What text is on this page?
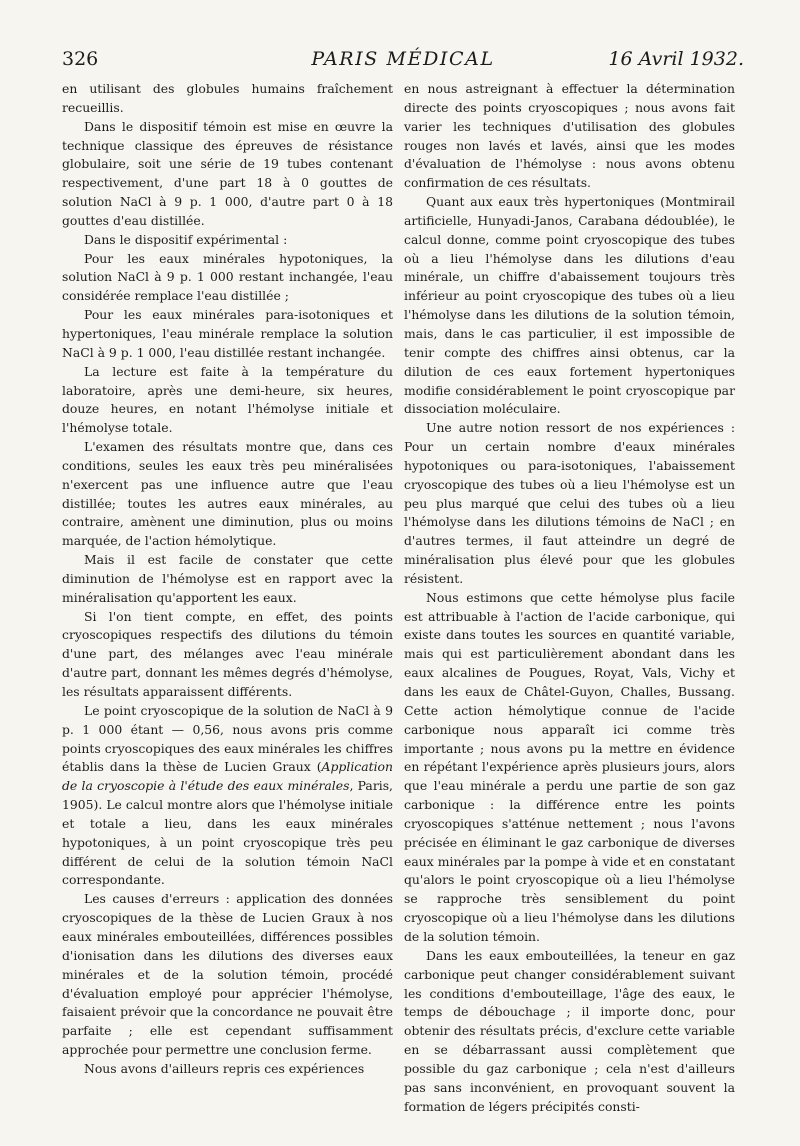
326	PARIS MÉDICAL	16 Avril 1932.

en utilisant des globules humains fraîchement recueillis.

Dans le dispositif témoin est mise en œuvre la technique classique des épreuves de résistance globulaire, soit une série de 19 tubes contenant respectivement, d'une part 18 à 0 gouttes de solution NaCl à 9 p. 1 000, d'autre part 0 à 18 gouttes d'eau distillée.

Dans le dispositif expérimental :

Pour les eaux minérales hypotoniques, la solution NaCl à 9 p. 1 000 restant inchangée, l'eau considérée remplace l'eau distillée ;

Pour les eaux minérales para-isotoniques et hypertoniques, l'eau minérale remplace la solution NaCl à 9 p. 1 000, l'eau distillée restant inchangée.

La lecture est faite à la température du laboratoire, après une demi-heure, six heures, douze heures, en notant l'hémolyse initiale et l'hémolyse totale.

L'examen des résultats montre que, dans ces conditions, seules les eaux très peu minéralisées n'exercent pas une influence autre que l'eau distillée; toutes les autres eaux minérales, au contraire, amènent une diminution, plus ou moins marquée, de l'action hémolytique.

Mais il est facile de constater que cette diminution de l'hémolyse est en rapport avec la minéralisation qu'apportent les eaux.

Si l'on tient compte, en effet, des points cryoscopiques respectifs des dilutions du témoin d'une part, des mélanges avec l'eau minérale d'autre part, donnant les mêmes degrés d'hémolyse, les résultats apparaissent différents.

Le point cryoscopique de la solution de NaCl à 9 p. 1 000 étant — 0,56, nous avons pris comme points cryoscopiques des eaux minérales les chiffres établis dans la thèse de Lucien Graux (Application de la cryoscopie à l'étude des eaux minérales, Paris, 1905). Le calcul montre alors que l'hémolyse initiale et totale a lieu, dans les eaux minérales hypotoniques, à un point cryoscopique très peu différent de celui de la solution témoin NaCl correspondante.

Les causes d'erreurs : application des données cryoscopiques de la thèse de Lucien Graux à nos eaux minérales embouteillées, différences possibles d'ionisation dans les dilutions des diverses eaux minérales et de la solution témoin, procédé d'évaluation employé pour apprécier l'hémolyse, faisaient prévoir que la concordance ne pouvait être parfaite ; elle est cependant suffisamment approchée pour permettre une conclusion ferme.

Nous avons d'ailleurs repris ces expériences

en nous astreignant à effectuer la détermination directe des points cryoscopiques ; nous avons fait varier les techniques d'utilisation des globules rouges non lavés et lavés, ainsi que les modes d'évaluation de l'hémolyse : nous avons obtenu confirmation de ces résultats.

Quant aux eaux très hypertoniques (Montmirail artificielle, Hunyadi-Janos, Carabana dédoublée), le calcul donne, comme point cryoscopique des tubes où a lieu l'hémolyse dans les dilutions d'eau minérale, un chiffre d'abaissement toujours très inférieur au point cryoscopique des tubes où a lieu l'hémolyse dans les dilutions de la solution témoin, mais, dans le cas particulier, il est impossible de tenir compte des chiffres ainsi obtenus, car la dilution de ces eaux fortement hypertoniques modifie considérablement le point cryoscopique par dissociation moléculaire.

Une autre notion ressort de nos expériences : Pour un certain nombre d'eaux minérales hypotoniques ou para-isotoniques, l'abaissement cryoscopique des tubes où a lieu l'hémolyse est un peu plus marqué que celui des tubes où a lieu l'hémolyse dans les dilutions témoins de NaCl ; en d'autres termes, il faut atteindre un degré de minéralisation plus élevé pour que les globules résistent.

Nous estimons que cette hémolyse plus facile est attribuable à l'action de l'acide carbonique, qui existe dans toutes les sources en quantité variable, mais qui est particulièrement abondant dans les eaux alcalines de Pougues, Royat, Vals, Vichy et dans les eaux de Châtel-Guyon, Challes, Bussang. Cette action hémolytique connue de l'acide carbonique nous apparaît ici comme très importante ; nous avons pu la mettre en évidence en répétant l'expérience après plusieurs jours, alors que l'eau minérale a perdu une partie de son gaz carbonique : la différence entre les points cryoscopiques s'atténue nettement ; nous l'avons précisée en éliminant le gaz carbonique de diverses eaux minérales par la pompe à vide et en constatant qu'alors le point cryoscopique où a lieu l'hémolyse se rapproche très sensiblement du point cryoscopique où a lieu l'hémolyse dans les dilutions de la solution témoin.

Dans les eaux embouteillées, la teneur en gaz carbonique peut changer considérablement suivant les conditions d'embouteillage, l'âge des eaux, le temps de débouchage ; il importe donc, pour obtenir des résultats précis, d'exclure cette variable en se débarrassant aussi complètement que possible du gaz carbonique ; cela n'est d'ailleurs pas sans inconvénient, en provoquant souvent la formation de légers précipités consti-
